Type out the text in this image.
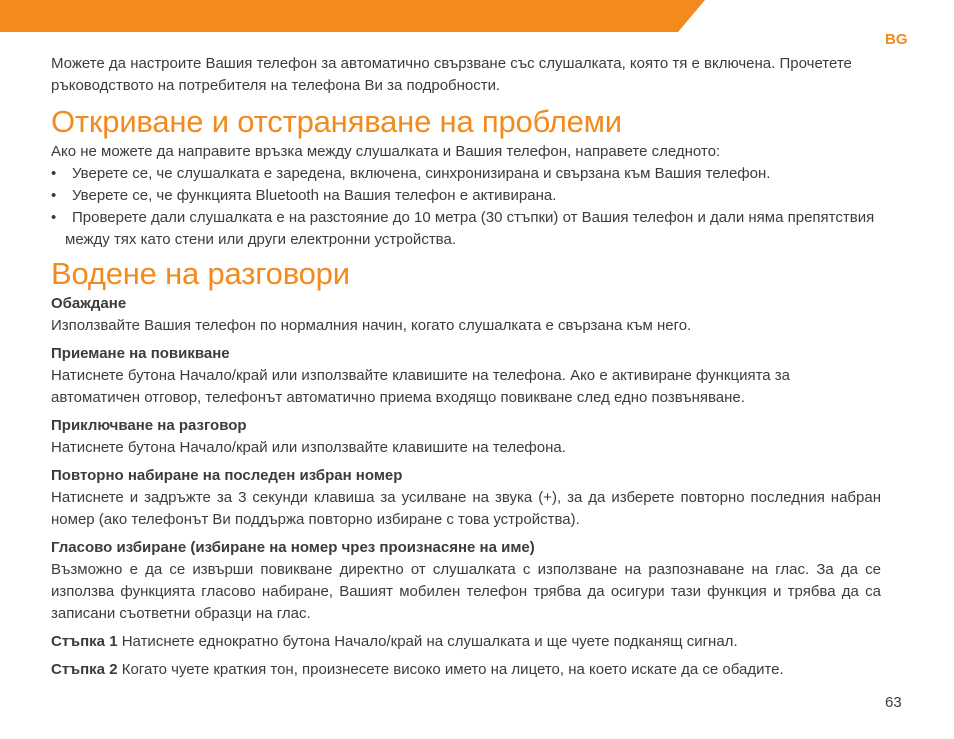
BG

Можете да настроите Вашия телефон за автоматично свързване със слушалката, която тя е включена. Прочетете ръководството на потребителя на телефона Ви за подробности.

Откриване и отстраняване на проблеми

Ако не можете да направите връзка между слушалката и Вашия телефон, направете следното:

• Уверете се, че слушалката е заредена, включена, синхронизирана и свързана към Вашия телефон.
• Уверете се, че функцията Bluetooth на Вашия телефон е активирана.
• Проверете дали слушалката е на разстояние до 10 метра (30 стъпки) от Вашия телефон и дали няма препятствия между тях като стени или други електронни устройства.
Водене на разговори
Обаждане

Използвайте Вашия телефон по нормалния начин, когато слушалката е свързана към него.

Приемане на повикване

Натиснете бутона Начало/край или използвайте клавишите на телефона. Ако е активиране функцията за автоматичен отговор, телефонът автоматично приема входящо повикване след едно позвъняване.

Приключване на разговор

Натиснете бутона Начало/край или използвайте клавишите на телефона.

Повторно набиране на последен избран номер

Натиснете и задръжте за 3 секунди клавиша за усилване на звука (+), за да изберете повторно последния набран номер (ако телефонът Ви поддържа повторно избиране с това устройства).

Гласово избиране (избиране на номер чрез произнасяне на име)

Възможно е да се извърши повикване директно от слушалката с използване на разпознаване на глас. За да се използва функцията гласово набиране, Вашият мобилен телефон трябва да осигури тази функция и трябва да са записани съответни образци на глас.

Стъпка 1 Натиснете еднократно бутона Начало/край на слушалката и ще чуете подканящ сигнал.

Стъпка 2 Когато чуете краткия тон, произнесете високо името на лицето, на което искате да се обадите.

63
